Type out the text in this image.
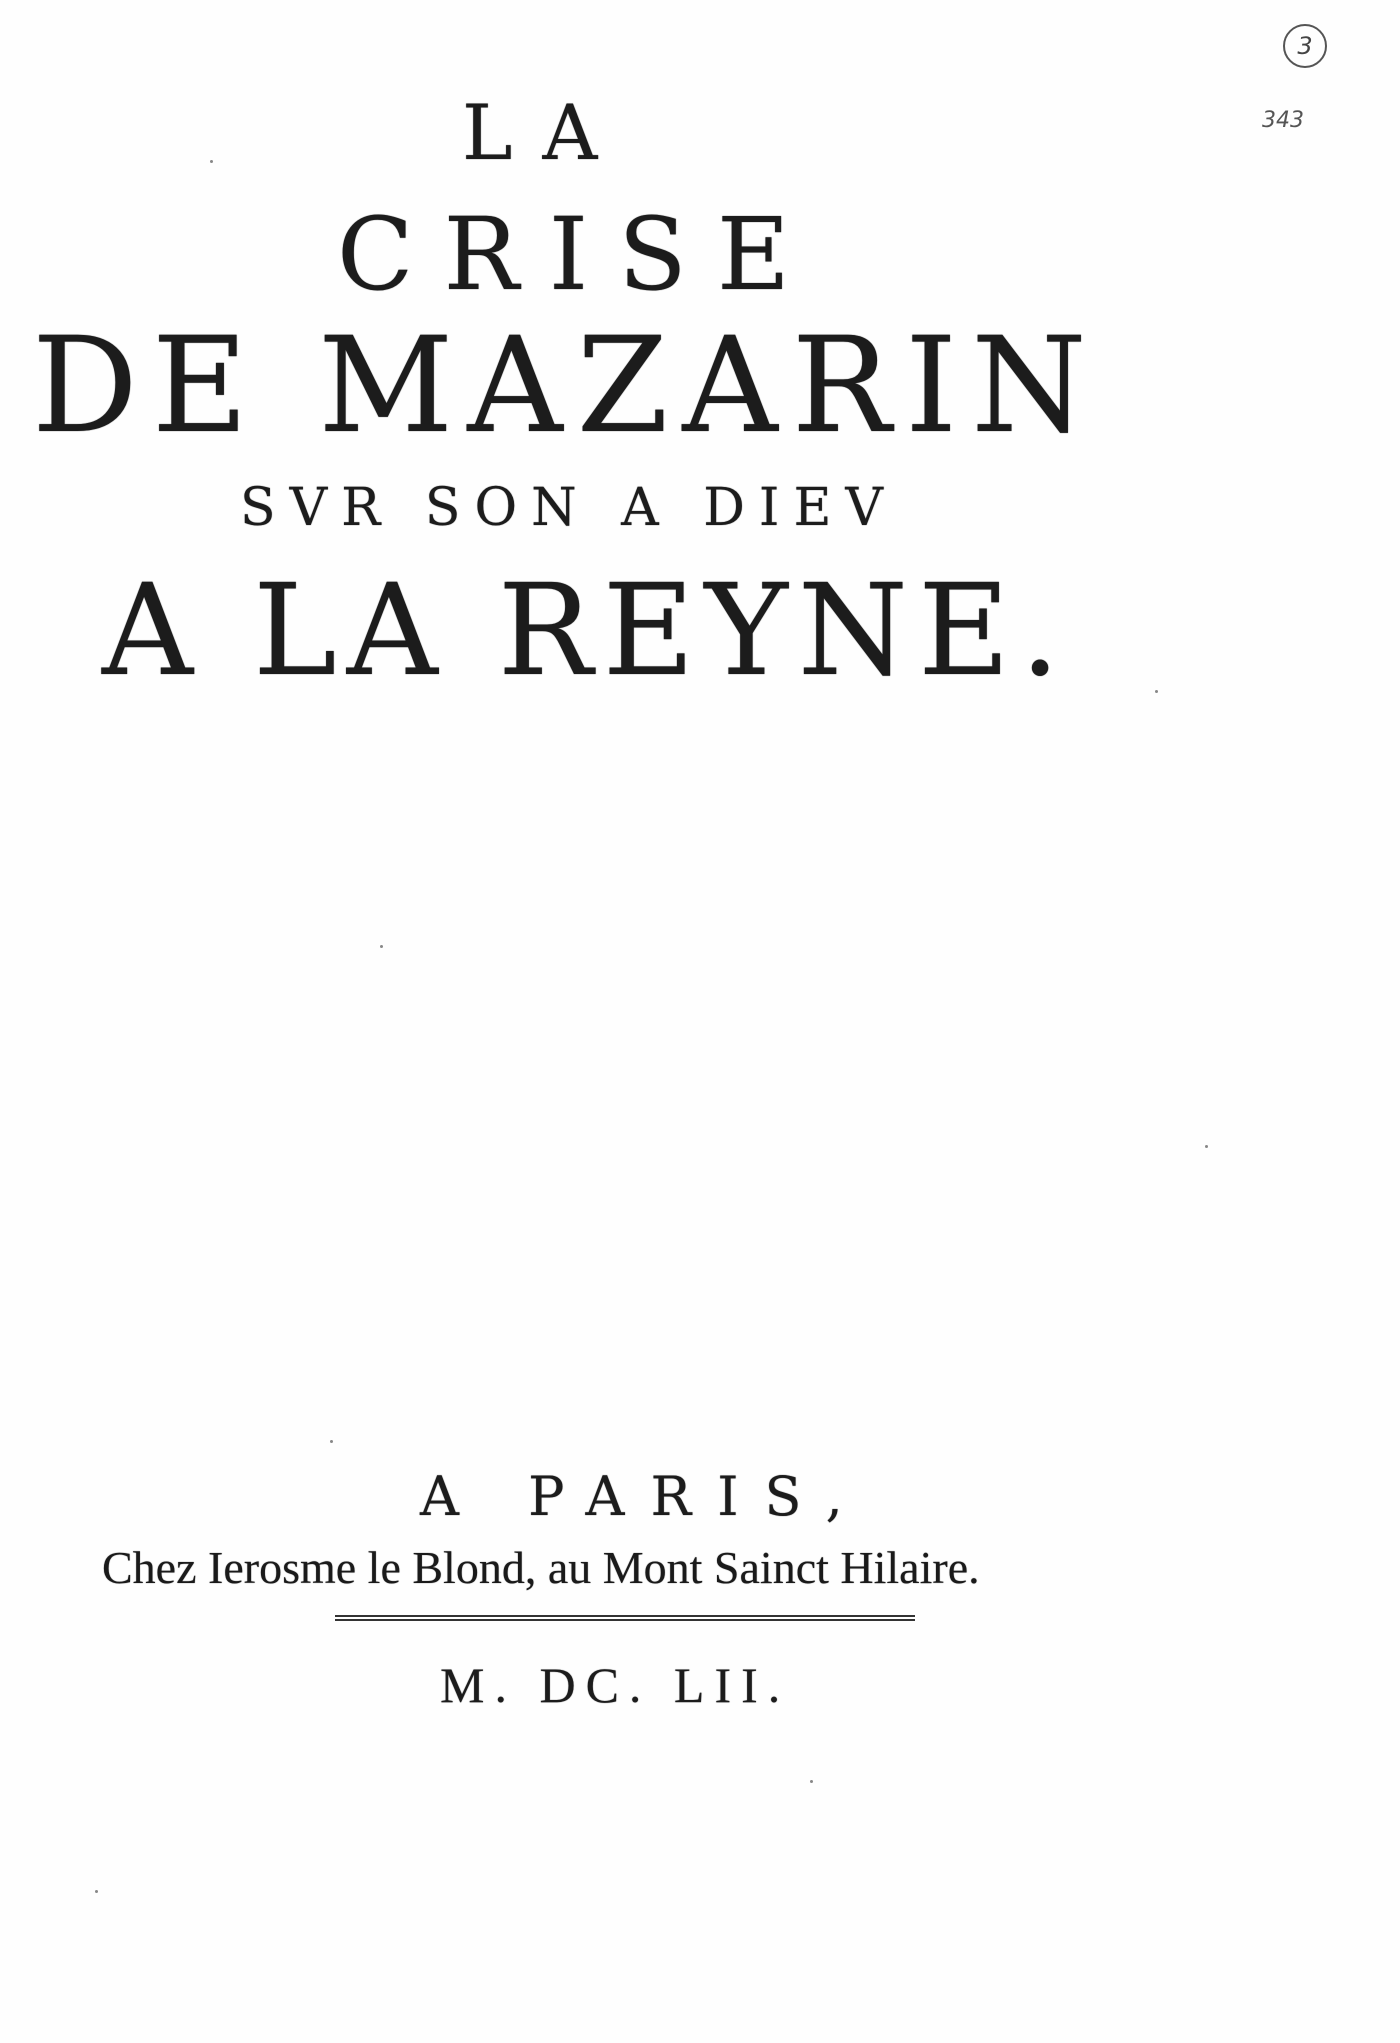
3
343
LA
CRISE
DE MAZARIN
SVR SON A DIEV
A LA REYNE.
A PARIS,
Chez Ierosme le Blond, au Mont Sainct Hilaire.
M. DC. LII.
